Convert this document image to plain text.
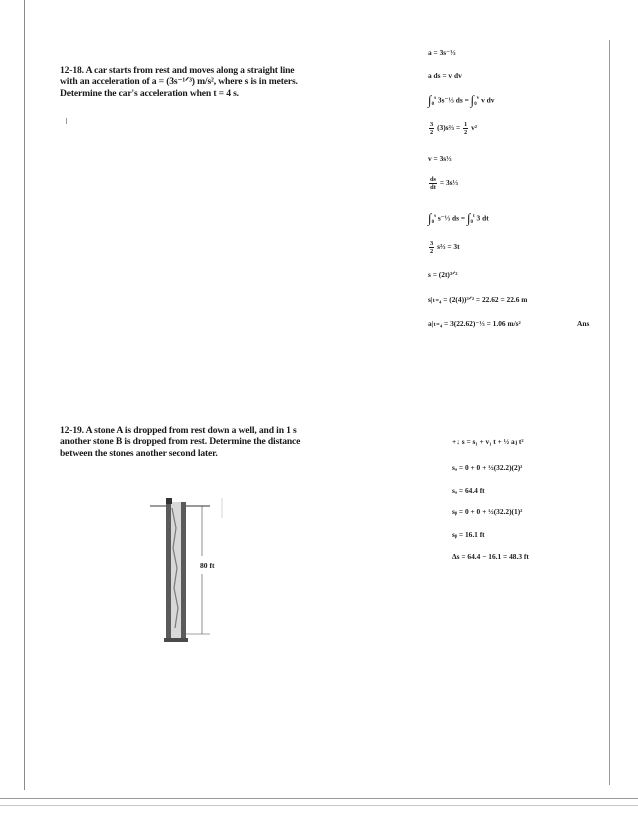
12-18. A car starts from rest and moves along a straight line with an acceleration of a = (3s⁻¹ᐟ³) m/s², where s is in meters. Determine the car's acceleration when t = 4 s.
a = 3s⁻⅓
a ds = v dv
$\int_0^s$ 3s⁻⅓ ds = $\int_0^v$ v dv
$\frac{3}{2}$ (3)s⅔ = $\frac{1}{2} v^2$
v = 3s⅓
$\frac{ds}{dt}$ = 3s⅓
$\int_0^s$ s⁻⅓ ds = $\int_0^t$ 3 dt
$\frac{3}{2}$ s⅔ = 3t
s = (2t)³ᐟ²
s|ₜ₌₄ = (2(4))³ᐟ² = 22.62 = 22.6 m
a|ₜ₌₄ = 3(22.62)⁻⅓ = 1.06 m/s²	Ans
12-19. A stone A is dropped from rest down a well, and in 1 s another stone B is dropped from rest. Determine the distance between the stones another second later.
+↓ s = s₁ + v₁ t + ½ aⱼ t²
sₐ = 0 + 0 + ½(32.2)(2)²
sₐ = 64.4 ft
sᵦ = 0 + 0 + ½(32.2)(1)²
sᵦ = 16.1 ft
Δs = 64.4 − 16.1 = 48.3 ft
80 ft
